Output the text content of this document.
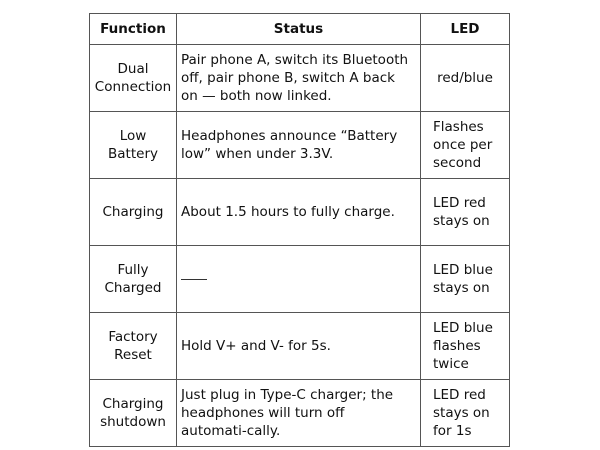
Function	Status	LED

Dual
Connection	Pair phone A, switch its Bluetooth off, pair phone B, switch A back on — both now linked.	red/blue

Low
Battery	Headphones announce “Battery low” when under 3.3V.	Flashes
once per
second

Charging	About 1.5 hours to fully charge.	LED red
stays on

Fully
Charged		LED blue
stays on

Factory
Reset	Hold V+ and V- for 5s.	LED blue
flashes
twice

Charging
shutdown	Just plug in Type-C charger; the headphones will turn off automati-cally.	LED red
stays on
for 1s
